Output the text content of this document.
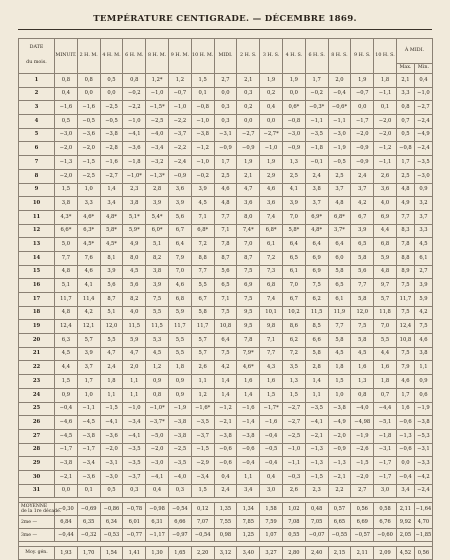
TEMPÉRATURE CENTIGRADE. — DÉCEMBRE 1869.
DATE
du mois.	MINUIT.	2 H. M.	4 H. M.	6 H. M.	8 H. M.	9 H. M.	10 H. M.	MIDI.	2 H. S.	3 H. S.	4 H. S.	6 H. S.	8 H. S.	9 H. S.	10 H. S.	À MIDI.	
																Max.	Min.
1	0,8	0,8	0,5	0,8	1,2*	1,2	1,5	2,7	2,1	1,9	1,9	1,7	2,0	1,9	1,8	2,1	0,4
2	0,4	0,0	0,0	−0,2	−1,0	−0,7	0,1	0,0	0,3	0,2	0,0	−0,2	−0,4	−0,7	−1,1	3,3	−1,0
3	−1,6	−1,6	−2,5	−2,2	−1,5*	−1,0	−0,8	0,3	0,2	0,4	0,6*	−0,3*	−0,6*	0,0	0,1	0,8	−2,7
4	0,5	−0,5	−0,5	−1,0	−2,5	−2,2	−1,0	0,3	0,0	0,0	−0,8	−1,1	−1,1	−1,7	−2,0	0,7	−2,4
5	−3,0	−3,6	−3,8	−4,1	−4,0	−3,7	−3,8	−3,1	−2,7	−2,7*	−3,0	−3,5	−3,0	−2,0	−2,0	0,5	−4,9
6	−2,0	−2,0	−2,8	−3,6	−3,4	−2,2	−1,2	−0,9	−0,9	−1,0	−0,9	−1,8	−1,9	−0,9	−1,2	−0,8	−2,4
7	−1,3	−1,5	−1,6	−1,8	−3,2	−2,4	−1,0	1,7	1,9	1,9	1,3	−0,1	−0,5	−0,9	−1,1	1,7	−3,5
8	−2,0	−2,5	−2,7	−1,0*	−1,3*	−0,9	−0,2	2,5	2,1	2,9	2,5	2,4	2,5	2,4	2,6	2,5	−3,0
9	1,5	1,0	1,4	2,3	2,8	3,6	3,9	4,6	4,7	4,6	4,1	3,8	3,7	3,7	3,6	4,8	0,9
10	3,8	3,3	3,4	3,8	3,9	3,9	4,5	4,8	3,6	3,6	3,9	3,7	4,8	4,2	4,0	4,9	3,2
11	4,3*	4,6*	4,8*	5,1*	5,4*	5,6	7,1	7,7	8,0	7,4	7,0	6,9*	6,8*	6,7	6,9	7,7	3,7
12	6,6*	6,3*	5,8*	5,9*	6,0*	6,7	6,8*	7,1	7,4*	6,8*	5,8*	4,8*	3,7*	3,9	4,4	8,3	3,3
13	5,0	4,5*	4,5*	4,9	5,1	6,4	7,2	7,8	7,0	6,1	6,4	6,4	6,4	6,5	6,8	7,8	4,5
14	7,7	7,6	8,1	8,0	8,2	7,9	8,8	8,7	8,7	7,2	6,5	6,9	6,0	5,8	5,9	8,8	6,1
15	4,8	4,6	3,9	4,5	3,8	7,0	7,7	5,6	7,5	7,3	6,1	6,9	5,8	5,6	4,8	8,9	2,7
16	5,1	4,1	5,6	5,6	3,9	4,6	5,5	6,5	6,9	6,8	7,0	7,5	6,5	7,7	9,7	7,5	3,9
17	11,7	11,4	8,7	8,2	7,5	6,8	6,7	7,1	7,5	7,4	6,7	6,2	6,1	5,8	5,7	11,7	5,9
18	4,8	4,2	5,1	4,0	5,5	5,9	5,8	7,5	9,5	10,1	10,2	11,5	11,9	12,0	11,8	7,5	4,2
19	12,4	12,1	12,0	11,5	11,5	11,7	11,7	10,8	9,5	9,8	8,6	8,5	7,7	7,5	7,0	12,4	7,5
20	6,3	5,7	5,5	5,9	5,3	5,5	5,7	6,4	7,8	7,1	6,2	6,6	5,8	5,8	5,5	10,8	4,6
21	4,5	3,9	4,7	4,7	4,5	5,5	5,7	7,5	7,9*	7,7	7,2	5,8	4,5	4,5	4,4	7,5	3,8
22	4,4	3,7	2,4	2,0	1,2	1,8	2,6	4,2	4,6*	4,3	3,5	2,8	1,8	1,6	1,6	7,9	1,1
23	1,5	1,7	1,8	1,1	0,9	0,9	1,1	1,4	1,6	1,6	1,3	1,4	1,5	1,3	1,8	4,6	0,9
24	0,9	1,0	1,1	1,1	0,8	0,9	1,2	1,4	1,4	1,5	1,5	1,1	1,0	0,8	0,7	1,7	0,6
25	−0,4	−1,1	−1,5	−1,0	−1,0*	−1,9	−1,6*	−1,2	−1,6	−1,7*	−2,7	−3,5	−3,8	−4,0	−4,4	1,6	−1,9
26	−4,6	−4,5	−4,1	−3,4	−3,7*	−3,8	−3,5	−2,1	−1,4	−1,6	−2,7	−4,1	−4,9	−4,98	−5,1	−0,6	−3,8
27	−4,5	−3,8	−3,6	−4,1	−5,0	−3,8	−3,7	−3,8	−3,8	−0,4	−2,5	−2,1	−2,0	−1,9	−1,8	−1,3	−5,3
28	−1,7	−1,7	−2,0	−3,5	−2,0	−2,5	−1,5	−0,6	−0,6	−0,5	−1,0	−1,3	−0,9	−2,6	−3,1	−0,6	−3,1
29	−3,8	−3,4	−3,1	−3,5	−3,0	−3,5	−2,9	−0,6	−0,4	−0,4	−1,1	−1,3	−1,3	−1,5	−1,7	0,0	−3,3
30	−2,1	−3,6	−3,0	−3,7	−4,1	−4,0	−3,4	0,4	1,1	0,4	−0,3	−1,5	−2,1	−2,0	−1,7	−0,4	−4,2
31	0,0	0,1	0,5	0,3	0,4	0,3	1,5	2,4	3,4	3,0	2,6	2,3	2,2	2,7	3,0	3,4	−2,4

MOYENNE
de la 1re décade.	−0,30	−0,69	−0,86	−0,78	−0,98	−0,54	0,12	1,35	1,34	1,58	1,02	0,48	0,57	0,56	0,58	2,11	−1,64
2me —	6,84	6,35	6,34	6,01	6,31	6,66	7,07	7,55	7,85	7,59	7,08	7,05	6,65	6,69	6,76	9,92	4,70
3me —	−0,44	−0,32	−0,53	−0,77	−1,17	−0,97	−0,54	0,98	1,25	1,07	0,55	−0,07	−0,55	−0,57	−0,60	2,05	−1,85

Moy. gén.	1,93	1,70	1,54	1,41	1,30	1,65	2,20	3,12	3,40	3,27	2,80	2,40	2,15	2,11	2,09	4,52	0,56
